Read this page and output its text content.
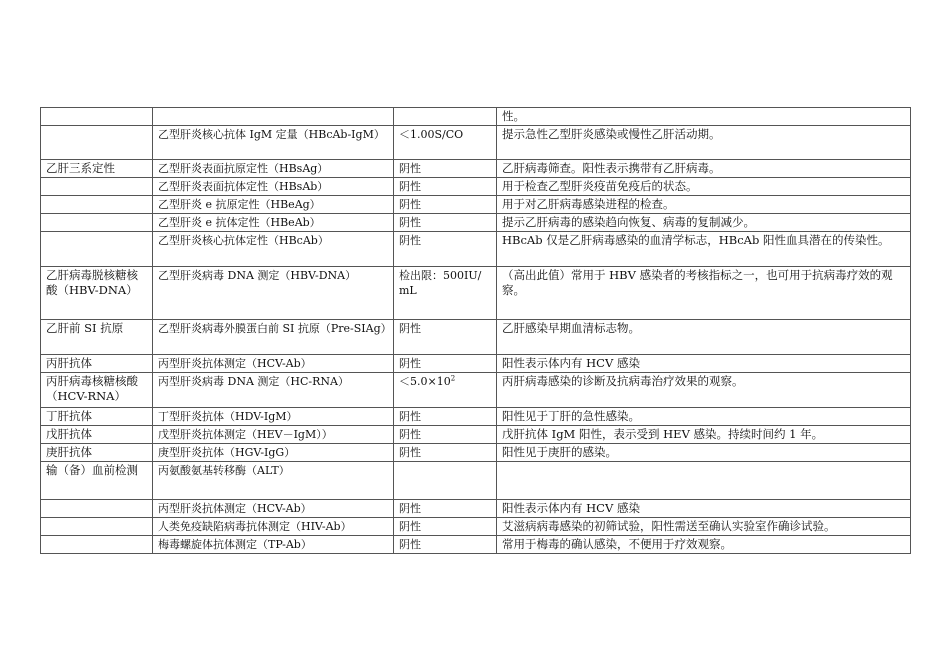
			性。
	乙型肝炎核心抗体 IgM 定量（HBcAb-IgM）	＜1.00S/CO	提示急性乙型肝炎感染或慢性乙肝活动期。
乙肝三系定性	乙型肝炎表面抗原定性（HBsAg）	阴性	乙肝病毒筛查。阳性表示携带有乙肝病毒。
	乙型肝炎表面抗体定性（HBsAb）	阴性	用于检查乙型肝炎疫苗免疫后的状态。
	乙型肝炎 e 抗原定性（HBeAg）	阴性	用于对乙肝病毒感染进程的检查。
	乙型肝炎 e 抗体定性（HBeAb）	阴性	提示乙肝病毒的感染趋向恢复、病毒的复制减少。
	乙型肝炎核心抗体定性（HBcAb）	阴性	HBcAb 仅是乙肝病毒感染的血清学标志，HBcAb 阳性血具潜在的传染性。
乙肝病毒脱核糖核酸（HBV-DNA）	乙型肝炎病毒 DNA 测定（HBV-DNA）	检出限：500IU/mL	（高出此值）常用于 HBV 感染者的考核指标之一，也可用于抗病毒疗效的观察。
乙肝前 SI 抗原	乙型肝炎病毒外膜蛋白前 SI 抗原（Pre-SIAg）	阴性	乙肝感染早期血清标志物。
丙肝抗体	丙型肝炎抗体测定（HCV-Ab）	阴性	阳性表示体内有 HCV 感染
丙肝病毒核糖核酸（HCV-RNA）	丙型肝炎病毒 DNA 测定（HC-RNA）	$<5.0\times 10^2$	丙肝病毒感染的诊断及抗病毒治疗效果的观察。
丁肝抗体	丁型肝炎抗体（HDV-IgM）	阴性	阳性见于丁肝的急性感染。
戊肝抗体	戊型肝炎抗体测定（HEV－IgM））	阴性	戊肝抗体 IgM 阳性，表示受到 HEV 感染。持续时间约 1 年。
庚肝抗体	庚型肝炎抗体（HGV-IgG）	阴性	阳性见于庚肝的感染。
输（备）血前检测	丙氨酸氨基转移酶（ALT）		
	丙型肝炎抗体测定（HCV-Ab）	阴性	阳性表示体内有 HCV 感染
	人类免疫缺陷病毒抗体测定（HIV-Ab）	阴性	艾滋病病毒感染的初筛试验，阳性需送至确认实验室作确诊试验。
	梅毒螺旋体抗体测定（TP-Ab）	阴性	常用于梅毒的确认感染，不便用于疗效观察。
